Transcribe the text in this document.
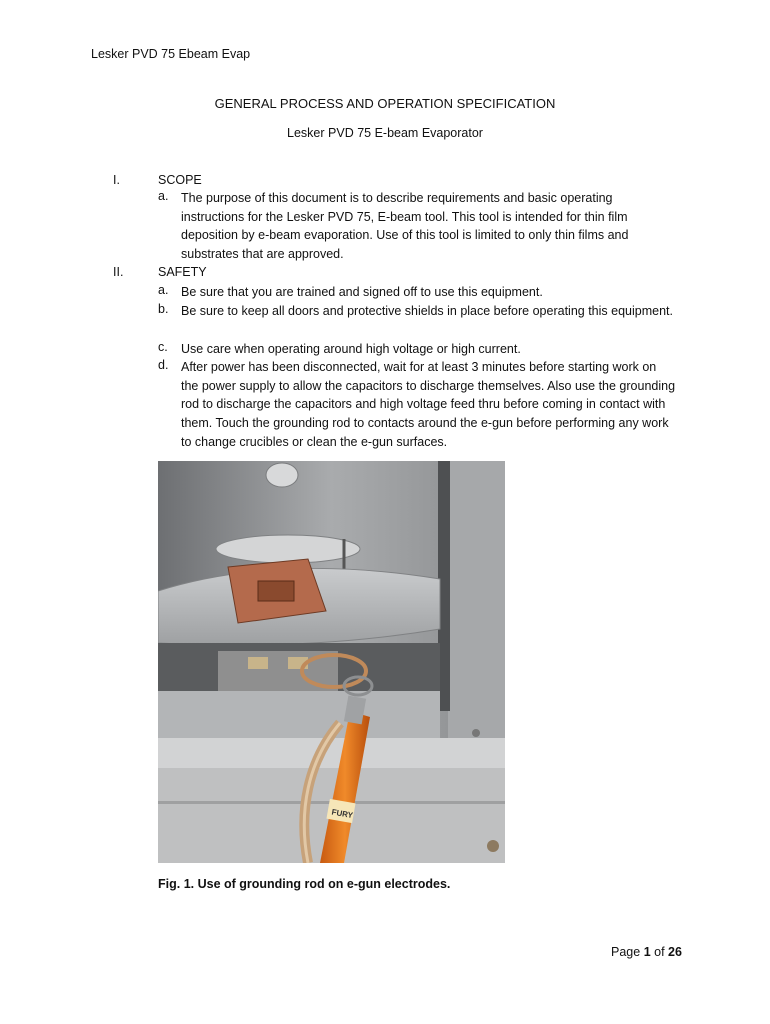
Lesker PVD 75 Ebeam Evap
GENERAL PROCESS AND OPERATION SPECIFICATION
Lesker PVD 75 E-beam Evaporator
I.	SCOPE
a. The purpose of this document is to describe requirements and basic operating instructions for the Lesker PVD 75, E-beam tool. This tool is intended for thin film deposition by e-beam evaporation. Use of this tool is limited to only thin films and substrates that are approved.
II.	SAFETY
a. Be sure that you are trained and signed off to use this equipment.
b. Be sure to keep all doors and protective shields in place before operating this equipment.
c. Use care when operating around high voltage or high current.
d. After power has been disconnected, wait for at least 3 minutes before starting work on the power supply to allow the capacitors to discharge themselves. Also use the grounding rod to discharge the capacitors and high voltage feed thru before coming in contact with them. Touch the grounding rod to contacts around the e-gun before performing any work to change crucibles or clean the e-gun surfaces.
FURY
Fig. 1. Use of grounding rod on e-gun electrodes.
Page 1 of 26
